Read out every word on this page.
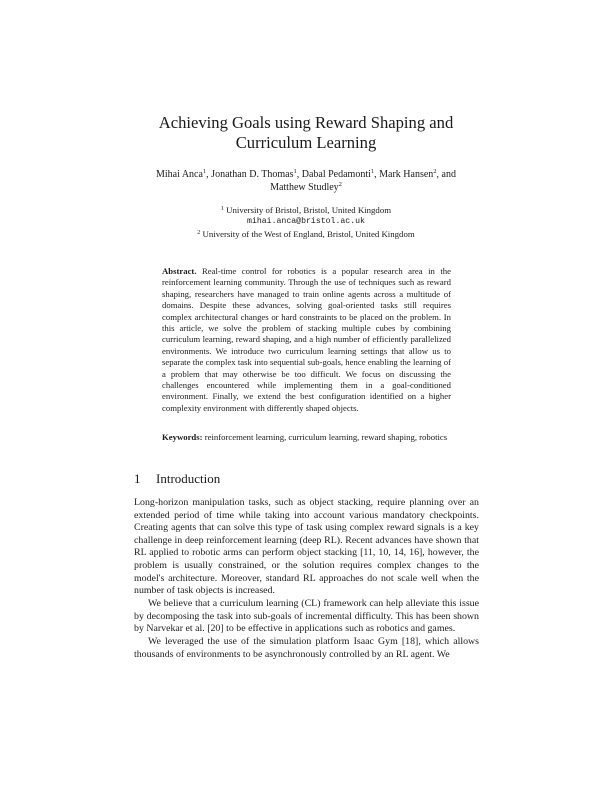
Achieving Goals using Reward Shaping and
Curriculum Learning
Mihai Anca$^1$, Jonathan D. Thomas$^1$, Dabal Pedamonti$^1$, Mark Hansen$^2$, and
Matthew Studley$^2$
$^1$ University of Bristol, Bristol, United Kingdom
mihai.anca@bristol.ac.uk
$^2$ University of the West of England, Bristol, United Kingdom

Abstract. Real-time control for robotics is a popular research area in the reinforcement learning community. Through the use of techniques such as reward shaping, researchers have managed to train online agents across a multitude of domains. Despite these advances, solving goal-oriented tasks still requires complex architectural changes or hard constraints to be placed on the problem. In this article, we solve the problem of stacking multiple cubes by combining curriculum learning, reward shaping, and a high number of efficiently parallelized environments. We introduce two curriculum learning settings that allow us to separate the complex task into sequential sub-goals, hence enabling the learning of a problem that may otherwise be too difficult. We focus on discussing the challenges encountered while implementing them in a goal-conditioned environment. Finally, we extend the best configuration identified on a higher complexity environment with differently shaped objects.

Keywords: reinforcement learning, curriculum learning, reward shaping, robotics

1 Introduction

Long-horizon manipulation tasks, such as object stacking, require planning over an extended period of time while taking into account various mandatory checkpoints. Creating agents that can solve this type of task using complex reward signals is a key challenge in deep reinforcement learning (deep RL). Recent advances have shown that RL applied to robotic arms can perform object stacking [11, 10, 14, 16], however, the problem is usually constrained, or the solution requires complex changes to the model's architecture. Moreover, standard RL approaches do not scale well when the number of task objects is increased.

We believe that a curriculum learning (CL) framework can help alleviate this issue by decomposing the task into sub-goals of incremental difficulty. This has been shown by Narvekar et al. [20] to be effective in applications such as robotics and games.

We leveraged the use of the simulation platform Isaac Gym [18], which allows thousands of environments to be asynchronously controlled by an RL agent. We
